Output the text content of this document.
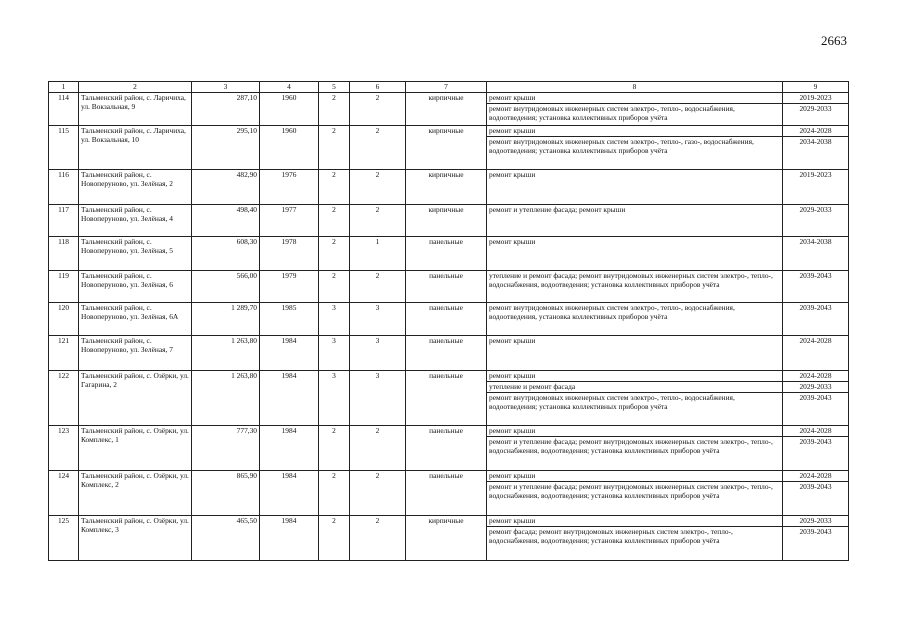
2663
1	2	3	4	5	6	7	8	9
114	Тальменский район, с. Ларичиха, ул. Вокзальная, 9	287,10	1960	2	2	кирпичные	ремонт крыши	2019-2023
							ремонт внутридомовых инженерных систем электро-, тепло-, водоснабжения, водоотведения; установка коллективных приборов учёта	2029-2033
115	Тальменский район, с. Ларичиха, ул. Вокзальная, 10	295,10	1960	2	2	кирпичные	ремонт крыши	2024-2028
							ремонт внутридомовых инженерных систем электро-, тепло-, газо-, водоснабжения, водоотведения; установка коллективных приборов учёта	2034-2038
116	Тальменский район, с. Новоперуново, ул. Зелёная, 2	482,90	1976	2	2	кирпичные	ремонт крыши	2019-2023
117	Тальменский район, с. Новоперуново, ул. Зелёная, 4	498,40	1977	2	2	кирпичные	ремонт и утепление фасада; ремонт крыши	2029-2033
118	Тальменский район, с. Новоперуново, ул. Зелёная, 5	608,30	1978	2	1	панельные	ремонт крыши	2034-2038
119	Тальменский район, с. Новоперуново, ул. Зелёная, 6	566,00	1979	2	2	панельные	утепление и ремонт фасада; ремонт внутридомовых инженерных систем электро-, тепло-, водоснабжения, водоотведения; установка коллективных приборов учёта	2039-2043
120	Тальменский район, с. Новоперуново, ул. Зелёная, 6А	1 289,70	1985	3	3	панельные	ремонт внутридомовых инженерных систем электро-, тепло-, водоснабжения, водоотведения, установка коллективных приборов учёта	2039-2043
121	Тальменский район, с. Новоперуново, ул. Зелёная, 7	1 263,80	1984	3	3	панельные	ремонт крыши	2024-2028
122	Тальменский район, с. Озёрки, ул. Гагарина, 2	1 263,80	1984	3	3	панельные	ремонт крыши	2024-2028
							утепление и ремонт фасада	2029-2033
							ремонт внутридомовых инженерных систем электро-, тепло-, водоснабжения, водоотведения; установка коллективных приборов учёта	2039-2043
123	Тальменский район, с. Озёрки, ул. Комплекс, 1	777,30	1984	2	2	панельные	ремонт крыши	2024-2028
							ремонт и утепление фасада; ремонт внутридомовых инженерных систем электро-, тепло-, водоснабжения, водоотведения; установка коллективных приборов учёта	2039-2043
124	Тальменский район, с. Озёрки, ул. Комплекс, 2	865,90	1984	2	2	панельные	ремонт крыши	2024-2028
							ремонт и утепление фасада; ремонт внутридомовых инженерных систем электро-, тепло-, водоснабжения, водоотведения; установка коллективных приборов учёта	2039-2043
125	Тальменский район, с. Озёрки, ул. Комплекс, 3	465,50	1984	2	2	кирпичные	ремонт крыши	2029-2033
							ремонт фасада; ремонт внутридомовых инженерных систем электро-, тепло-, водоснабжения, водоотведения; установка коллективных приборов учёта	2039-2043
